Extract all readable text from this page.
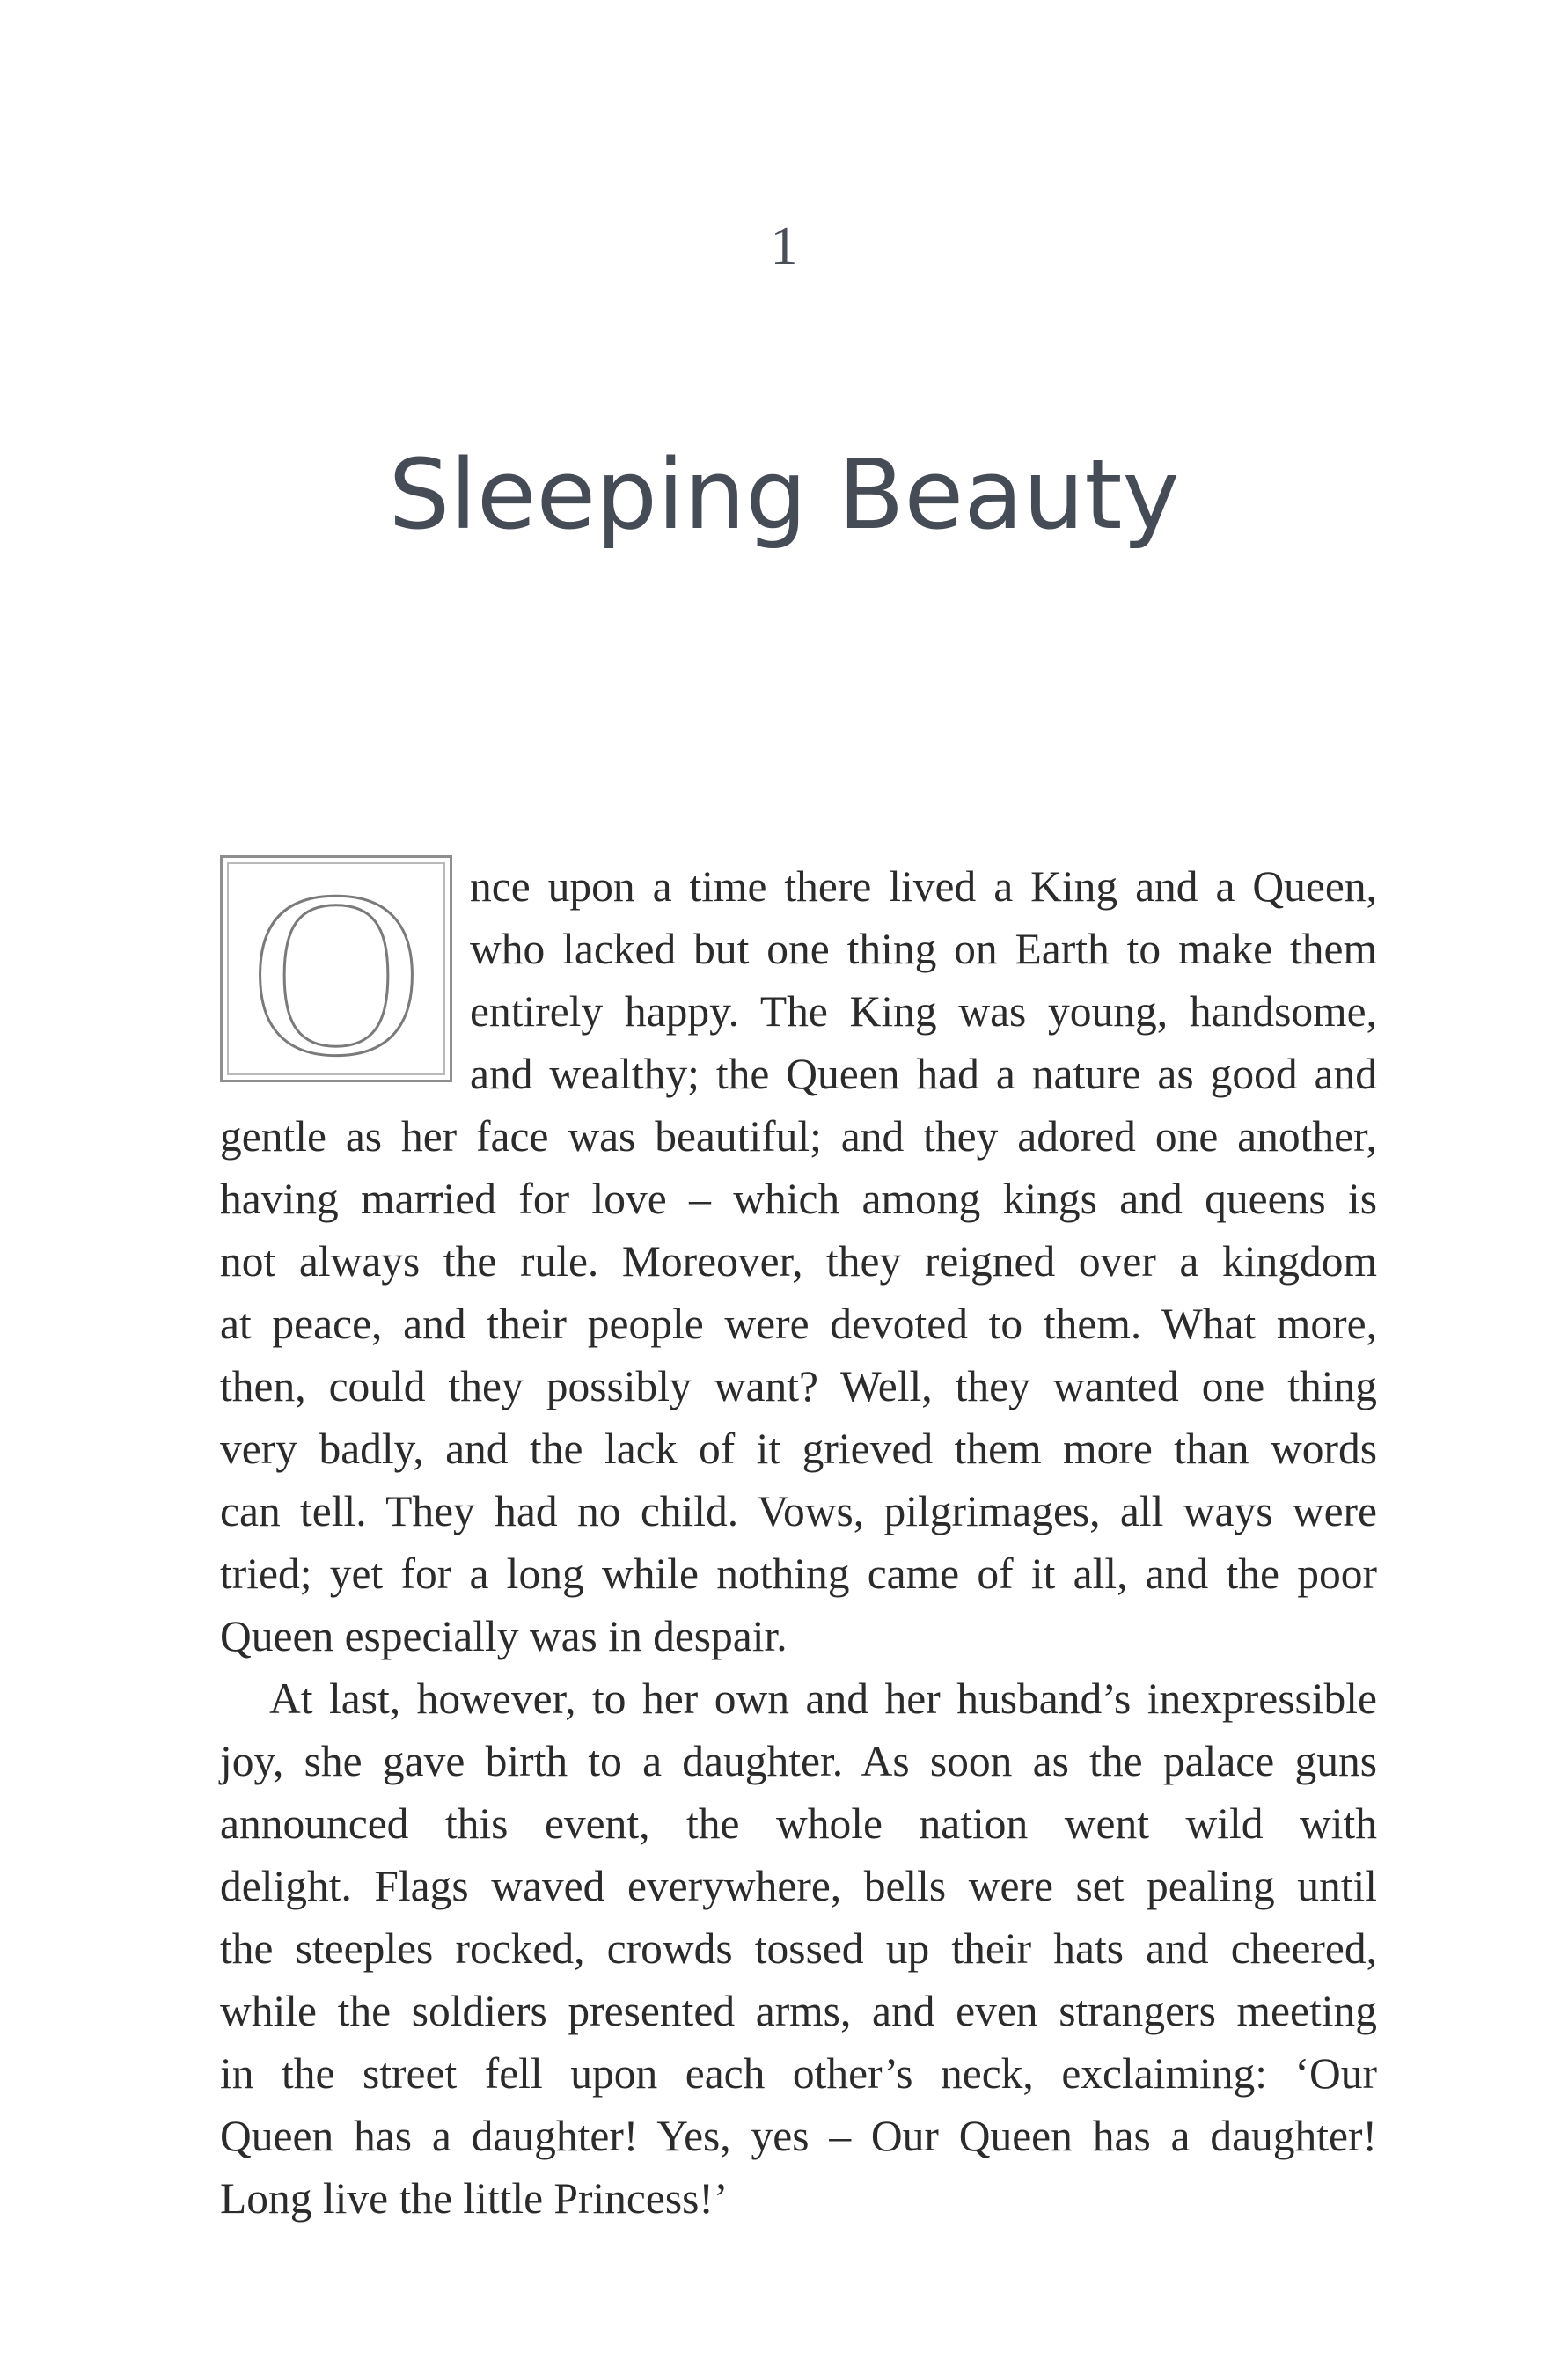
1
Sleeping Beauty
O	nce upon a time there lived a King and a Queen,
who lacked but one thing on Earth to make them
entirely happy. The King was young, handsome,
and wealthy; the Queen had a nature as good and
gentle as her face was beautiful; and they adored one another,
having married for love – which among kings and queens is
not always the rule. Moreover, they reigned over a kingdom
at peace, and their people were devoted to them. What more,
then, could they possibly want? Well, they wanted one thing
very badly, and the lack of it grieved them more than words
can tell. They had no child. Vows, pilgrimages, all ways were
tried; yet for a long while nothing came of it all, and the poor
Queen especially was in despair.

At last, however, to her own and her husband’s inexpressible
joy, she gave birth to a daughter. As soon as the palace guns
announced this event, the whole nation went wild with
delight. Flags waved everywhere, bells were set pealing until
the steeples rocked, crowds tossed up their hats and cheered,
while the soldiers presented arms, and even strangers meeting
in the street fell upon each other’s neck, exclaiming: ‘Our
Queen has a daughter! Yes, yes – Our Queen has a daughter!
Long live the little Princess!’
